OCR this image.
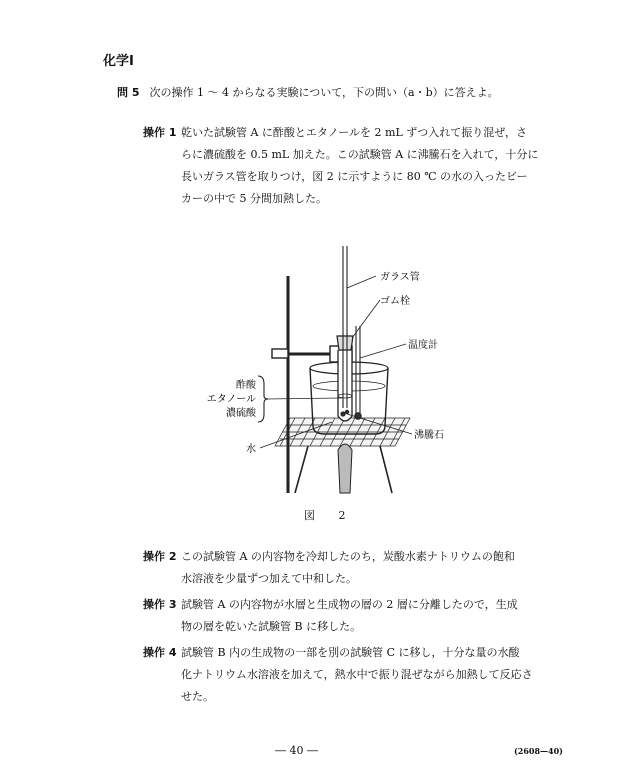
化学Ⅰ
問 5 次の操作 1 ～ 4 からなる実験について，下の問い（a・b）に答えよ。
操作 1 乾いた試験管 A に酢酸とエタノールを 2 mL ずつ入れて振り混ぜ，さ
らに濃硫酸を 0.5 mL 加えた。この試験管 A に沸騰石を入れて，十分に
長いガラス管を取りつけ，図 2 に示すように 80 ℃ の水の入ったビー
カーの中で 5 分間加熱した。
ガラス管
ゴム栓
温度計
酢酸
エタノール
濃硫酸
水
沸騰石
図 2
操作 2 この試験管 A の内容物を冷却したのち，炭酸水素ナトリウムの飽和
水溶液を少量ずつ加えて中和した。
操作 3 試験管 A の内容物が水層と生成物の層の 2 層に分離したので，生成
物の層を乾いた試験管 B に移した。
操作 4 試験管 B 内の生成物の一部を別の試験管 C に移し，十分な量の水酸
化ナトリウム水溶液を加えて，熱水中で振り混ぜながら加熱して反応さ
せた。
― 40 ―	(2608—40)
